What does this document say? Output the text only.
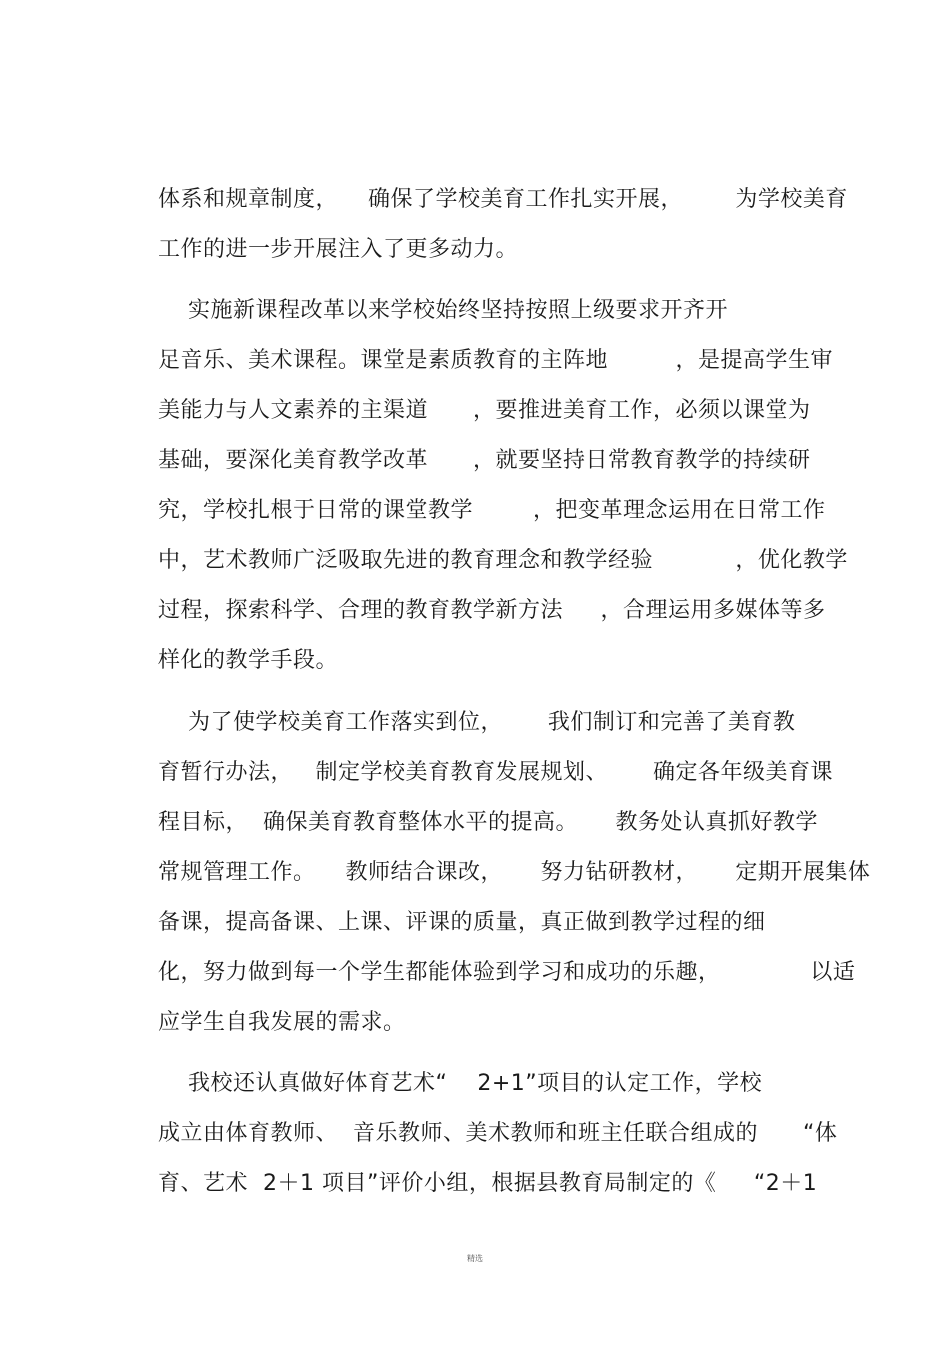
体系和规章制度，    确保了学校美育工作扎实开展，       为学校美育
工作的进一步开展注入了更多动力。
实施新课程改革以来学校始终坚持按照上级要求开齐开
足音乐、美术课程。课堂是素质教育的主阵地         ，是提高学生审
美能力与人文素养的主渠道      ，要推进美育工作，必须以课堂为
基础，要深化美育教学改革      ，就要坚持日常教育教学的持续研
究，学校扎根于日常的课堂教学        ，把变革理念运用在日常工作
中，艺术教师广泛吸取先进的教育理念和教学经验           ，优化教学
过程，探索科学、合理的教育教学新方法     ，合理运用多媒体等多
样化的教学手段。
为了使学校美育工作落实到位，      我们制订和完善了美育教
育暂行办法，   制定学校美育教育发展规划、      确定各年级美育课
程目标，  确保美育教育整体水平的提高。     教务处认真抓好教学
常规管理工作。    教师结合课改，     努力钻研教材，     定期开展集体
备课，提高备课、上课、评课的质量，真正做到教学过程的细
化，努力做到每一个学生都能体验到学习和成功的乐趣，            以适
应学生自我发展的需求。
我校还认真做好体育艺术“    2+1”项目的认定工作，学校
成立由体育教师、  音乐教师、美术教师和班主任联合组成的      “体
育、艺术  2＋1 项目”评价小组，根据县教育局制定的《     “2＋1
精选
